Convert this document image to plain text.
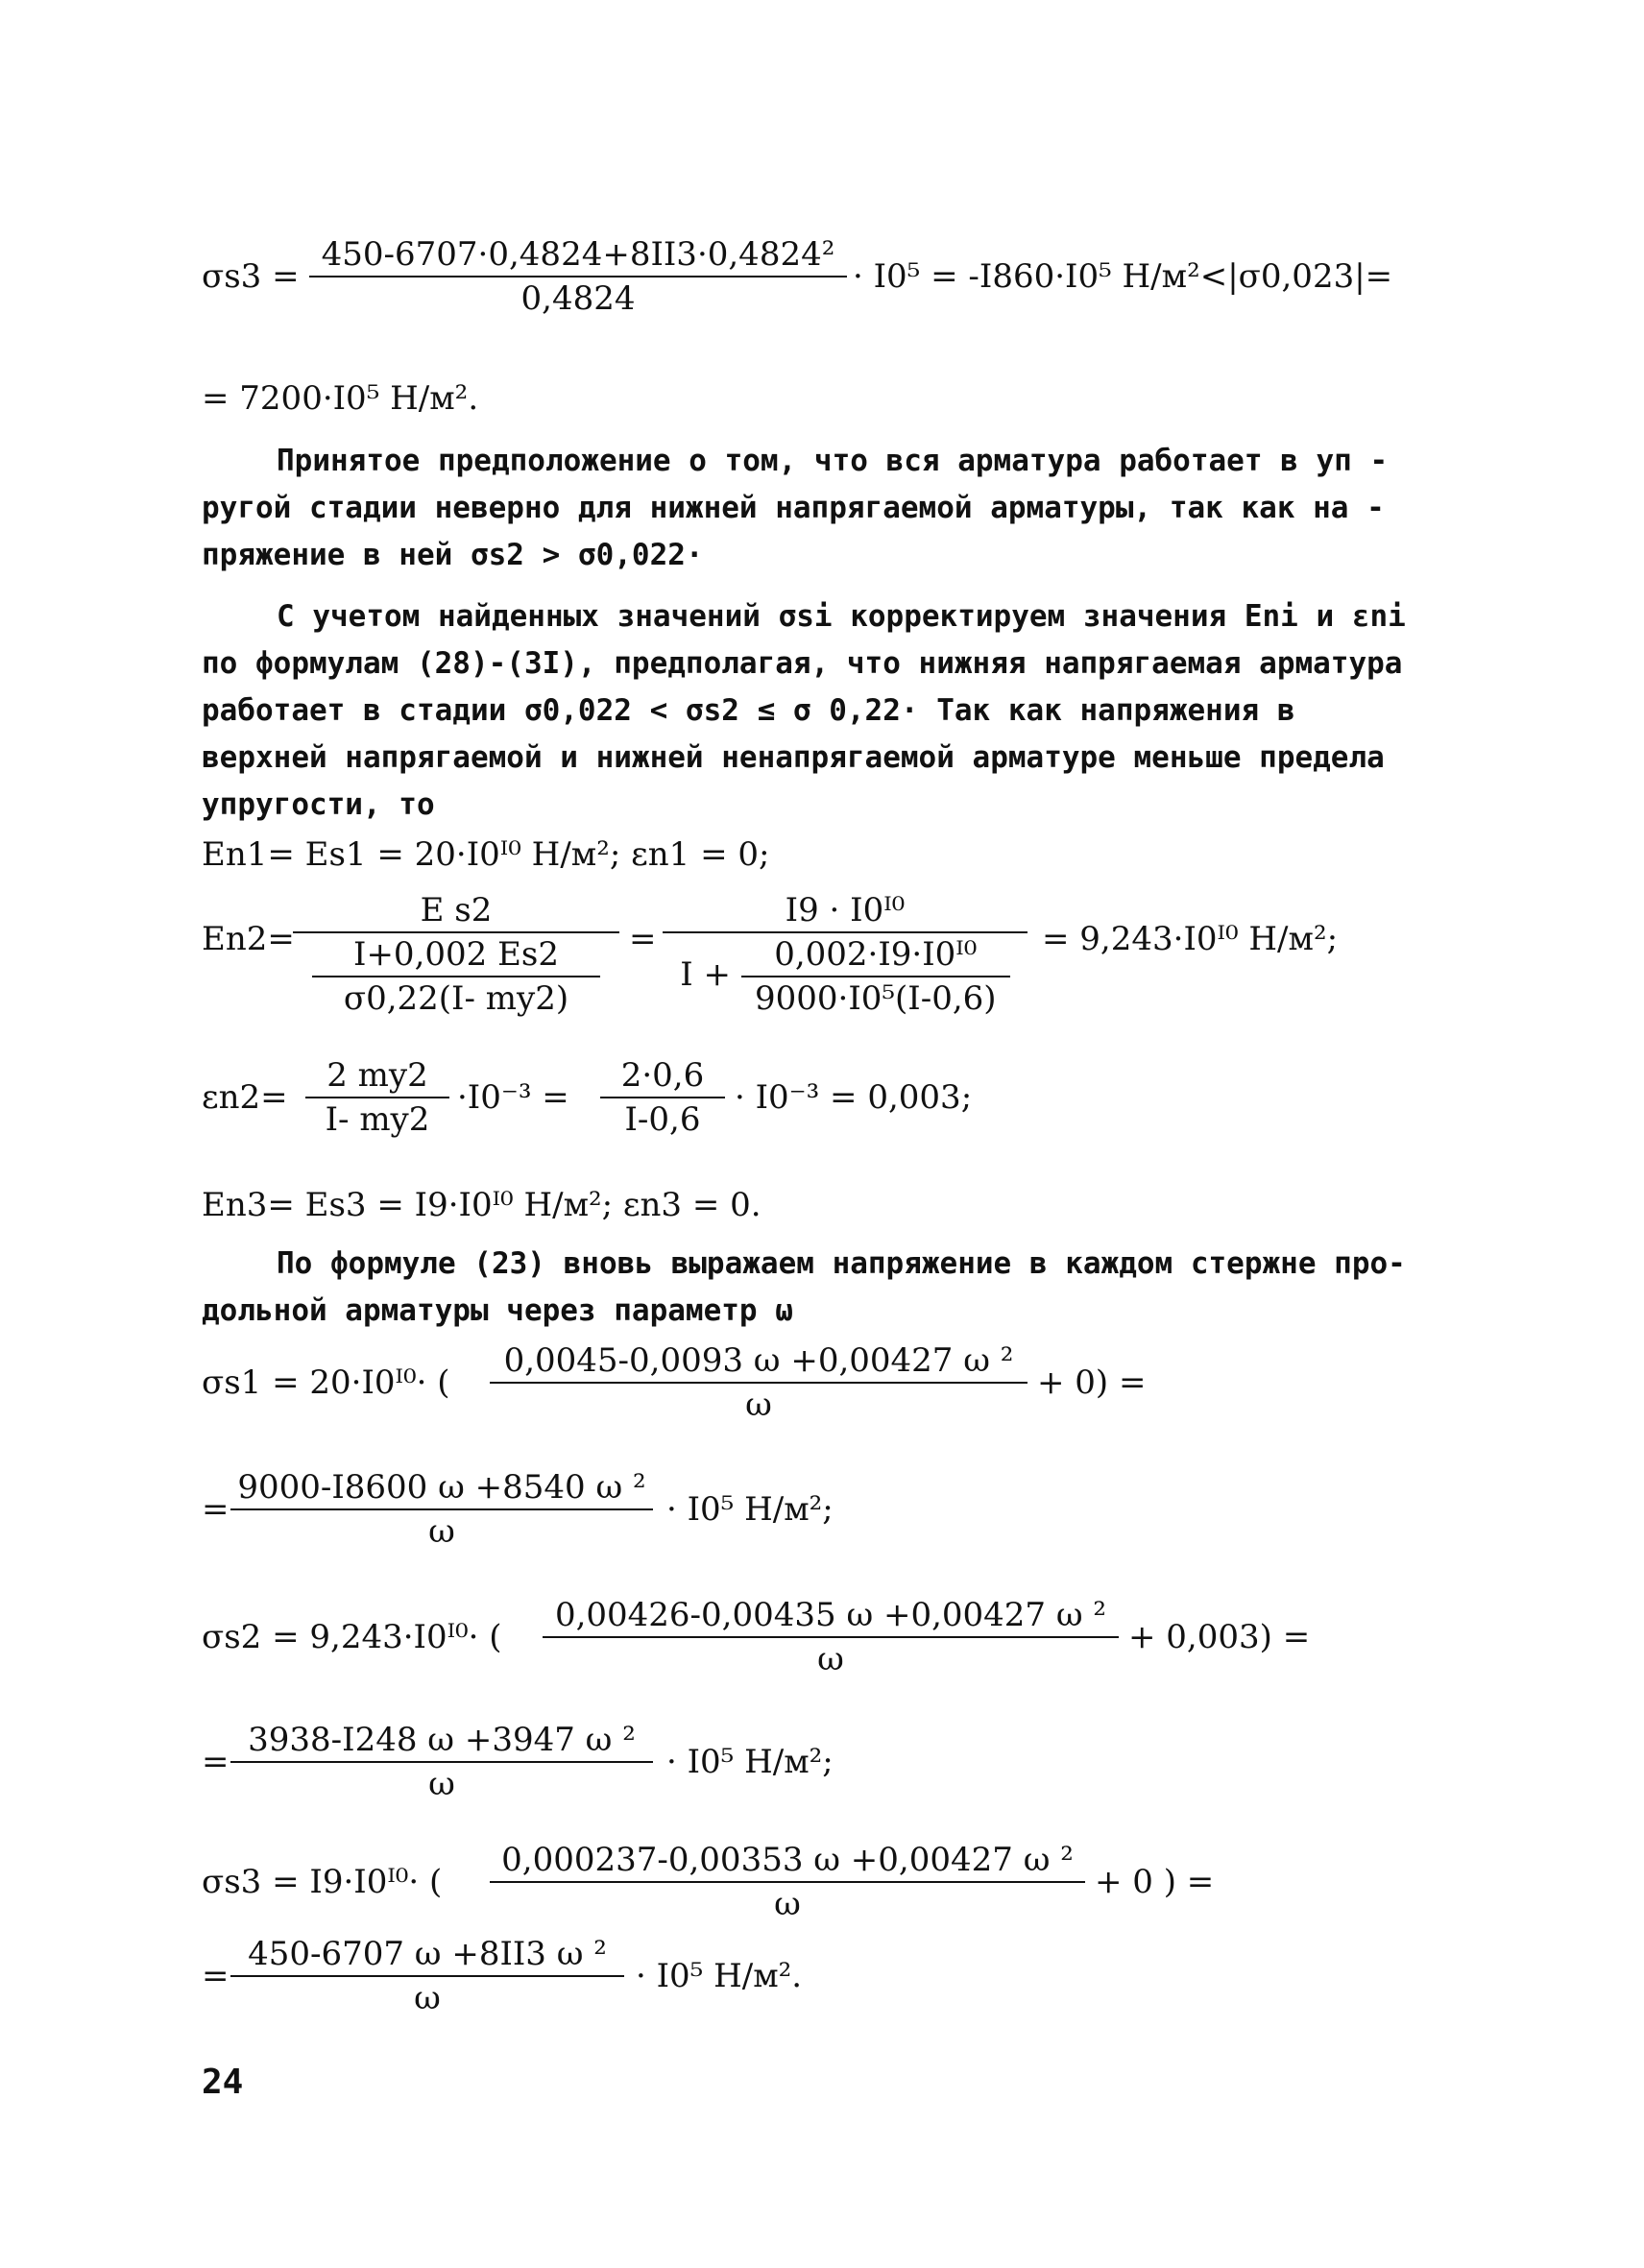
$\sigma s3 = \frac{\text{450-6707·0,4824+8II3·0,4824²}}{0,4824} \cdot I0^5 = -I860\cdot I0^5$ Н/м²<|σ0,023|=
= 7200·I0⁵ Н/м².
Принятое предположение о том, что вся арматура работает в уп -
ругой стадии неверно для нижней напрягаемой арматуры, так как на -
пряжение в ней σs2 > σ0,022·
С учетом найденных значений σsi корректируем значения Eni и εni
по формулам (28)-(3I), предполагая, что нижняя напрягаемая арматура
работает в стадии σ0,022 < σs2 ≤ σ 0,22· Так как напряжения в
верхней напрягаемой и нижней ненапрягаемой арматуре меньше предела
упругости, то
En1= Es1 = 20·I0ᴵ⁰ Н/м²; εn1 = 0;
En2=
$\frac{\text{E s2}}{\frac{I+0,002 Es2}{\sigma 0,22(I- my2)}} = \frac{\text{I9 · I0ᴵ⁰}}{I + \frac{\text{0,002·I9·I0ᴵ⁰}}{\text{9000·I0⁵(I-0,6)}}}$ = 9,243·I0ᴵ⁰ Н/м²;
$\varepsilon n2= \frac{2 my2}{I- my2} \cdot I0^{-3} = \frac{2\cdot 0,6}{I-0,6} \cdot I0^{-3} = 0,003$;
En3= Es3 = I9·I0ᴵ⁰ Н/м²; εn3 = 0.
По формуле (23) вновь выражаем напряжение в каждом стержне про-
дольной арматуры через параметр ω
σs1 = 20·I0ᴵ⁰· ( $\frac{\text{0,0045-0,0093 ω +0,00427 ω ²}}{\omega} + 0$) =
= $\frac{\text{9000-I8600 ω +8540 ω ²}}{\omega} \cdot I0^5$ Н/м²;
σs2 = 9,243·I0ᴵ⁰· ( $\frac{\text{0,00426-0,00435 ω +0,00427 ω ²}}{\omega} + 0,003$) =
= $\frac{\text{3938-I248 ω +3947 ω ²}}{\omega} \cdot I0^5$ Н/м²;
σs3 = I9·I0ᴵ⁰· ( $\frac{\text{0,000237-0,00353 ω +0,00427 ω ²}}{\omega} + 0$ ) =
= $\frac{\text{450-6707 ω +8II3 ω ²}}{\omega} \cdot I0^5$ Н/м².
24
